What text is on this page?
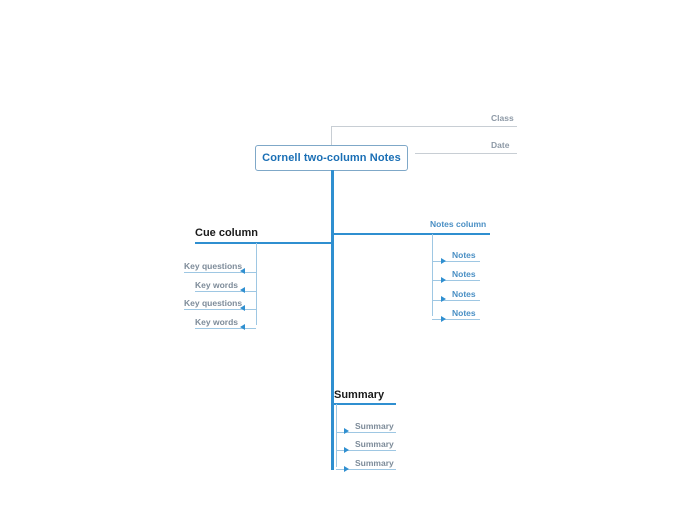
Class
Date
Cornell two-column Notes
Cue column
Key questions
Key words
Key questions
Key words
Notes column
Notes
Notes
Notes
Notes
Summary
Summary
Summary
Summary
